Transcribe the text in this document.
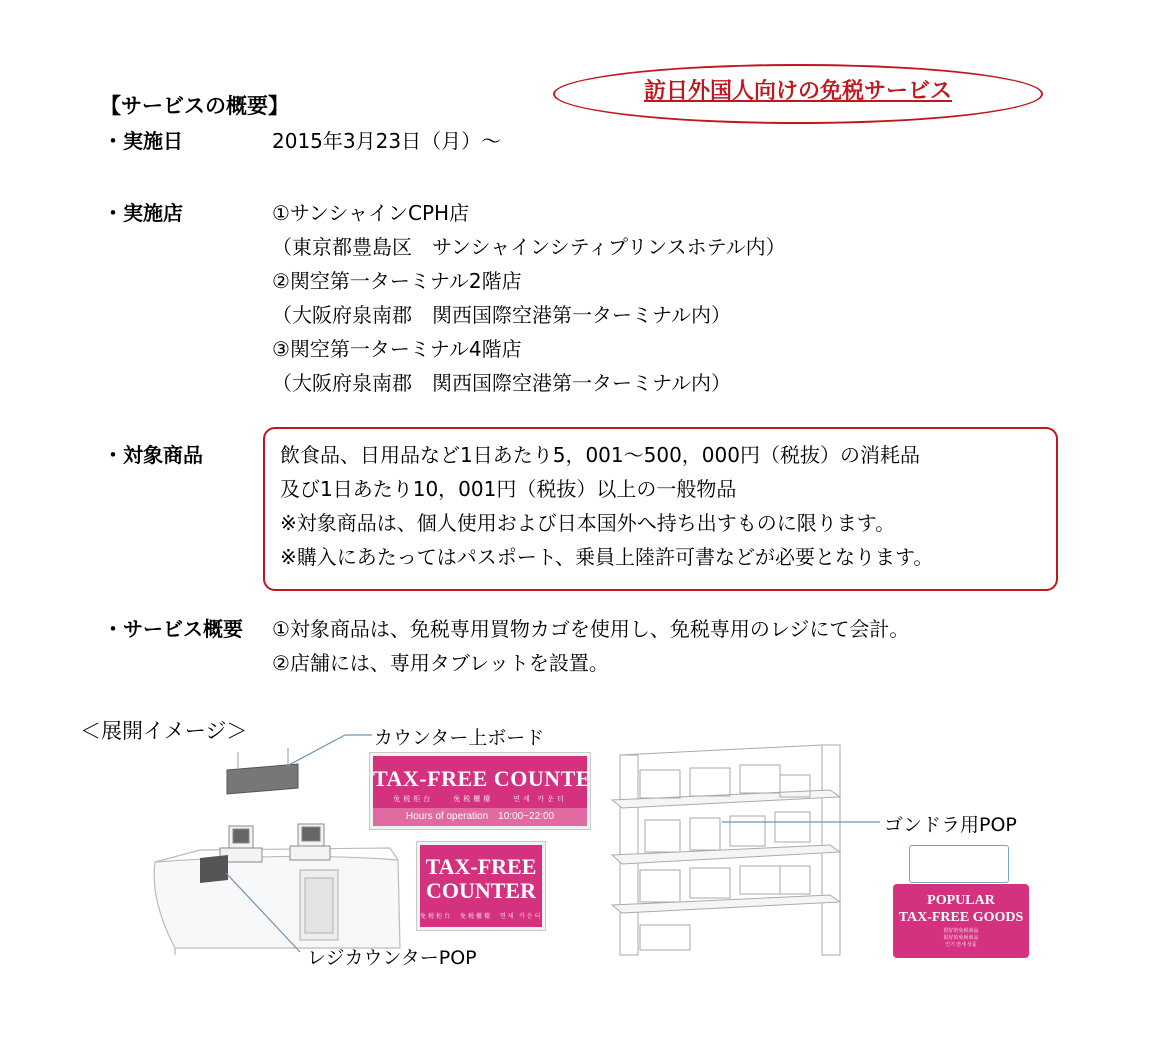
【サービスの概要】
訪日外国人向けの免税サービス
・実施日	2015年3月23日（月）～
・実施店	①サンシャインCPH店
（東京都豊島区　サンシャインシティプリンスホテル内）
②関空第一ターミナル2階店
（大阪府泉南郡　関西国際空港第一ターミナル内）
③関空第一ターミナル4階店
（大阪府泉南郡　関西国際空港第一ターミナル内）
・対象商品	飲食品、日用品など1日あたり5，001～500，000円（税抜）の消耗品
及び1日あたり10，001円（税抜）以上の一般物品
※対象商品は、個人使用および日本国外へ持ち出すものに限ります。
※購入にあたってはパスポート、乗員上陸許可書などが必要となります。
・サービス概要 ①対象商品は、免税専用買物カゴを使用し、免税専用のレジにて会計。
②店舗には、専用タブレットを設置。
＜展開イメージ＞	カウンター上ボード
ゴンドラ用POP
レジカウンターPOP
TAX-FREE COUNTER
免税柜台　　免税櫃檯　　면세 카운터
Hours of operation　10:00~22:00
TAX-FREE
COUNTER
免税柜台　免税櫃檯　면세 카운터
POPULAR
TAX-FREE GOODS
很好的免税商品
很好的免稅商品
인기 면세 상품
